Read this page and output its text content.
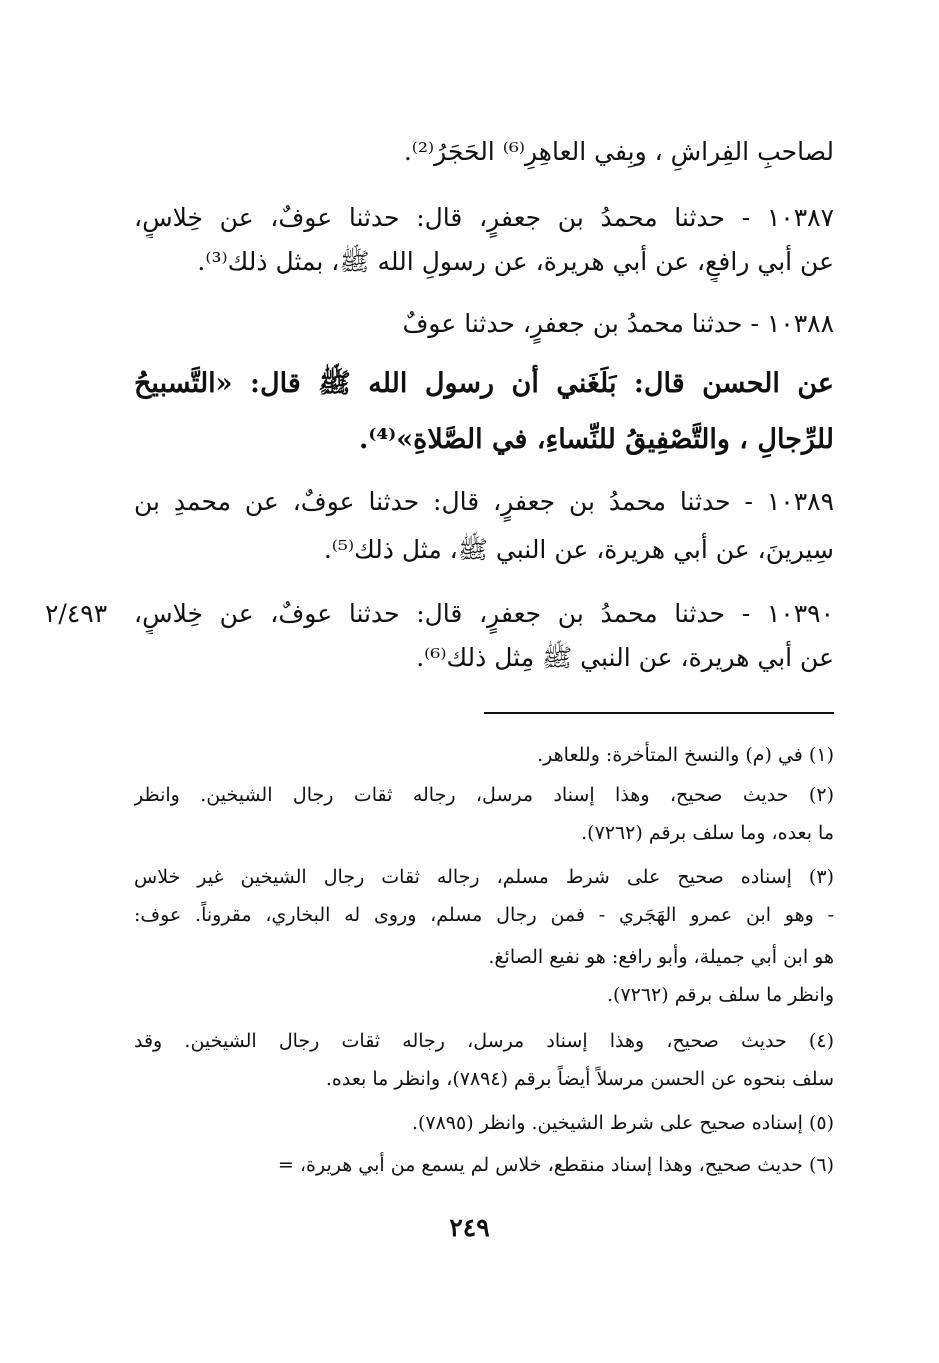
لصاحبِ الفِراشِ ، وبِفي العاهِرِ⁽⁶⁾ الحَجَرُ⁽²⁾.
١٠٣٨٧ - حدثنا محمدُ بن جعفرٍ، قال: حدثنا عوفٌ، عن خِلاسٍ،
عن أبي رافعٍ، عن أبي هريرة، عن رسولِ الله ﷺ، بمثل ذلك⁽³⁾.
١٠٣٨٨ - حدثنا محمدُ بن جعفرٍ، حدثنا عوفٌ
عن الحسن قال: بَلَغَني أن رسول الله ﷺ قال: «التَّسبيحُ
للرِّجالِ ، والتَّصْفِيقُ للنِّساءِ، في الصَّلاةِ»⁽⁴⁾.
١٠٣٨٩ - حدثنا محمدُ بن جعفرٍ، قال: حدثنا عوفٌ، عن محمدِ بن
سِيرينَ، عن أبي هريرة، عن النبي ﷺ، مثل ذلك⁽⁵⁾.
١٠٣٩٠ - حدثنا محمدُ بن جعفرٍ، قال: حدثنا عوفٌ، عن خِلاسٍ،
عن أبي هريرة، عن النبي ﷺ مِثل ذلك⁽⁶⁾.
٢/٤٩٣
(١) في (م) والنسخ المتأخرة: وللعاهر.
(٢) حديث صحيح، وهذا إسناد مرسل، رجاله ثقات رجال الشيخين. وانظر
ما بعده، وما سلف برقم (٧٢٦٢).
(٣) إسناده صحيح على شرط مسلم، رجاله ثقات رجال الشيخين غير خلاس
- وهو ابن عمرو الهَجَري - فمن رجال مسلم، وروى له البخاري، مقروناً. عوف:
هو ابن أبي جميلة، وأبو رافع: هو نفيع الصائغ.
وانظر ما سلف برقم (٧٢٦٢).
(٤) حديث صحيح، وهذا إسناد مرسل، رجاله ثقات رجال الشيخين. وقد
سلف بنحوه عن الحسن مرسلاً أيضاً برقم (٧٨٩٤)، وانظر ما بعده.
(٥) إسناده صحيح على شرط الشيخين. وانظر (٧٨٩٥).
(٦) حديث صحيح، وهذا إسناد منقطع، خلاس لم يسمع من أبي هريرة، =
٢٤٩
